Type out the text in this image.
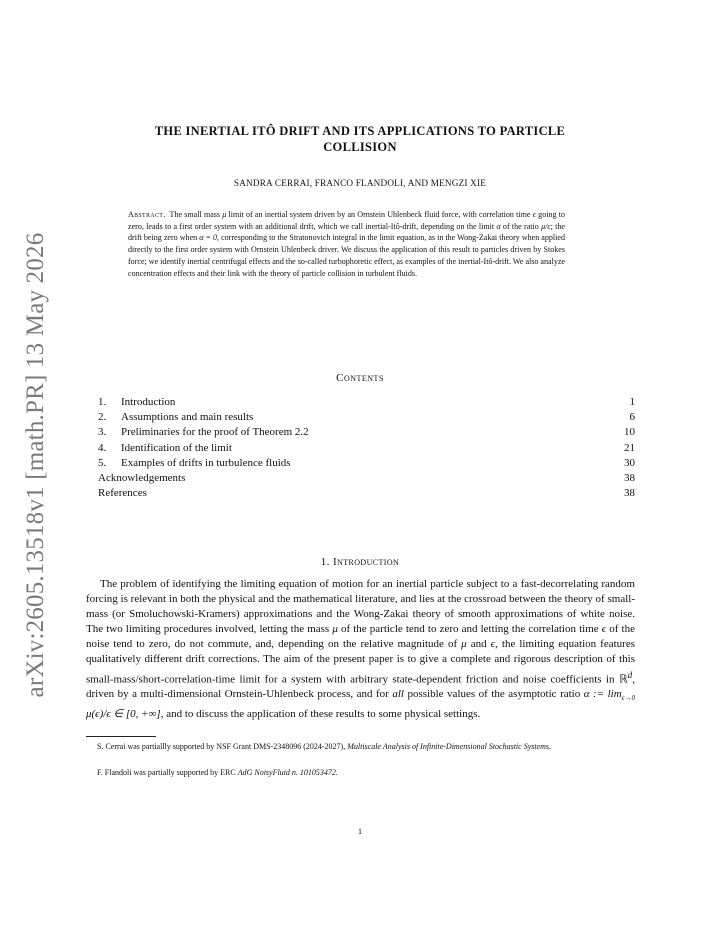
arXiv:2605.13518v1 [math.PR] 13 May 2026
THE INERTIAL ITÔ DRIFT AND ITS APPLICATIONS TO PARTICLE
COLLISION
SANDRA CERRAI, FRANCO FLANDOLI, AND MENGZI XIE
Abstract. The small mass μ limit of an inertial system driven by an Ornstein Uhlenbeck fluid force, with correlation time ϵ going to zero, leads to a first order system with an additional drift, which we call inertial-Itô-drift, depending on the limit α of the ratio μ/ϵ; the drift being zero when α = 0, corresponding to the Stratonovich integral in the limit equation, as in the Wong-Zakai theory when applied directly to the first order system with Ornstein Uhlenbeck driver. We discuss the application of this result to particles driven by Stokes force; we identify inertial centrifugal effects and the so-called turbophoretic effect, as examples of the inertial-Itô-drift. We also analyze concentration effects and their link with the theory of particle collision in turbulent fluids.
Contents
1. Introduction	1
2. Assumptions and main results	6
3. Preliminaries for the proof of Theorem 2.2	10
4. Identification of the limit	21
5. Examples of drifts in turbulence fluids	30
Acknowledgements	38
References	38
1. Introduction
The problem of identifying the limiting equation of motion for an inertial particle subject to a fast-decorrelating random forcing is relevant in both the physical and the mathematical literature, and lies at the crossroad between the theory of small-mass (or Smoluchowski-Kramers) approximations and the Wong-Zakai theory of smooth approximations of white noise. The two limiting procedures involved, letting the mass μ of the particle tend to zero and letting the correlation time ϵ of the noise tend to zero, do not commute, and, depending on the relative magnitude of μ and ϵ, the limiting equation features qualitatively different drift corrections. The aim of the present paper is to give a complete and rigorous description of this small-mass/short-correlation-time limit for a system with arbitrary state-dependent friction and noise coefficients in ℝ$^d$, driven by a multi-dimensional Ornstein-Uhlenbeck process, and for all possible values of the asymptotic ratio α := $\lim_{\epsilon\to 0} \mu(\epsilon)/\epsilon$ ∈ [0, +∞], and to discuss the application of these results to some physical settings.
S. Cerrai was partiallly supported by NSF Grant DMS-2348096 (2024-2027), Multiscale Analysis of Infinite-Dimensional Stochastic Systems.
F. Flandoli was partially supported by ERC AdG NoisyFluid n. 101053472.
1
